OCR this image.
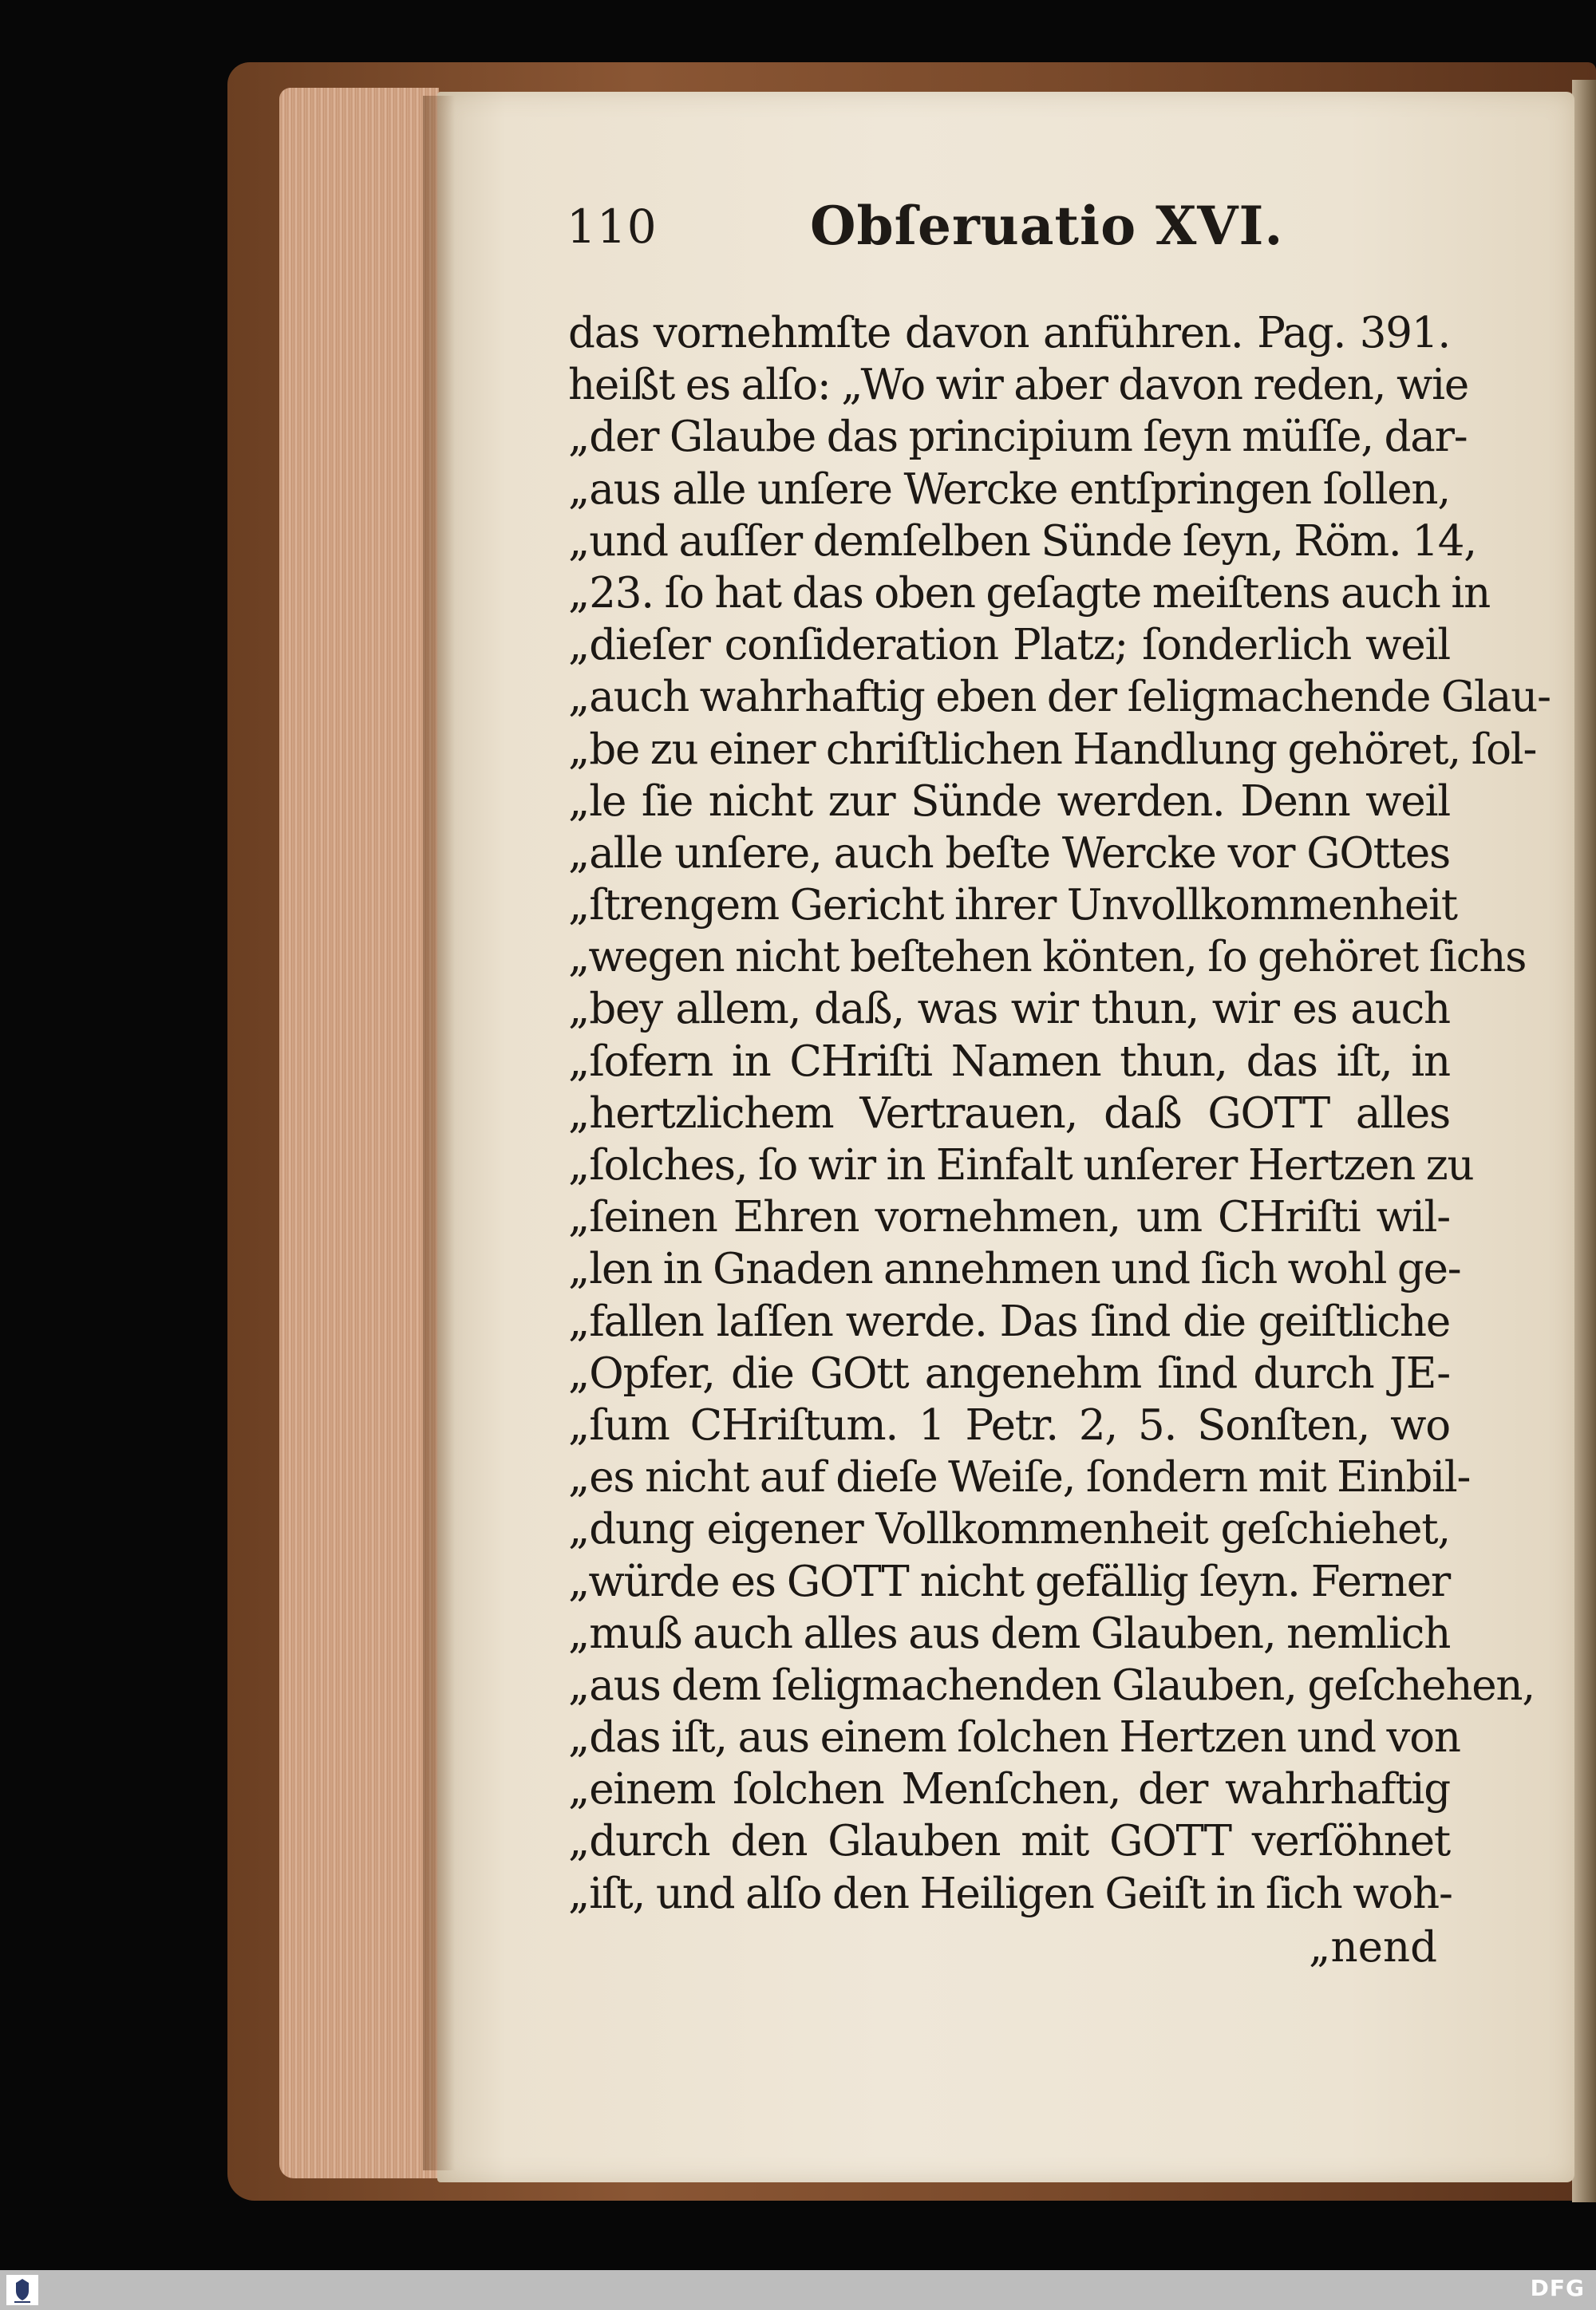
110	Obſeruatio XVI.
das vornehmſte davon anführen. Pag. 391.
heißt es alſo: „Wo wir aber davon reden, wie
„der Glaube das principium ſeyn müſſe, dar-
„aus alle unſere Wercke entſpringen ſollen,
„und auſſer demſelben Sünde ſeyn, Röm. 14,
„23. ſo hat das oben geſagte meiſtens auch in
„dieſer conſideration Platz; ſonderlich weil
„auch wahrhaftig eben der ſeligmachende Glau-
„be zu einer chriſtlichen Handlung gehöret, ſol-
„le ſie nicht zur Sünde werden. Denn weil
„alle unſere, auch beſte Wercke vor GOttes
„ſtrengem Gericht ihrer Unvollkommenheit
„wegen nicht beſtehen könten, ſo gehöret ſichs
„bey allem, daß, was wir thun, wir es auch
„ſofern in CHriſti Namen thun, das iſt, in
„hertzlichem Vertrauen, daß GOTT alles
„ſolches, ſo wir in Einfalt unſerer Hertzen zu
„ſeinen Ehren vornehmen, um CHriſti wil-
„len in Gnaden annehmen und ſich wohl ge-
„fallen laſſen werde. Das ſind die geiſtliche
„Opfer, die GOtt angenehm ſind durch JE-
„ſum CHriſtum. 1 Petr. 2, 5. Sonſten, wo
„es nicht auf dieſe Weiſe, ſondern mit Einbil-
„dung eigener Vollkommenheit geſchiehet,
„würde es GOTT nicht gefällig ſeyn. Ferner
„muß auch alles aus dem Glauben, nemlich
„aus dem ſeligmachenden Glauben, geſchehen,
„das iſt, aus einem ſolchen Hertzen und von
„einem ſolchen Menſchen, der wahrhaftig
„durch den Glauben mit GOTT verſöhnet
„iſt, und alſo den Heiligen Geiſt in ſich woh-
„nend
DFG
